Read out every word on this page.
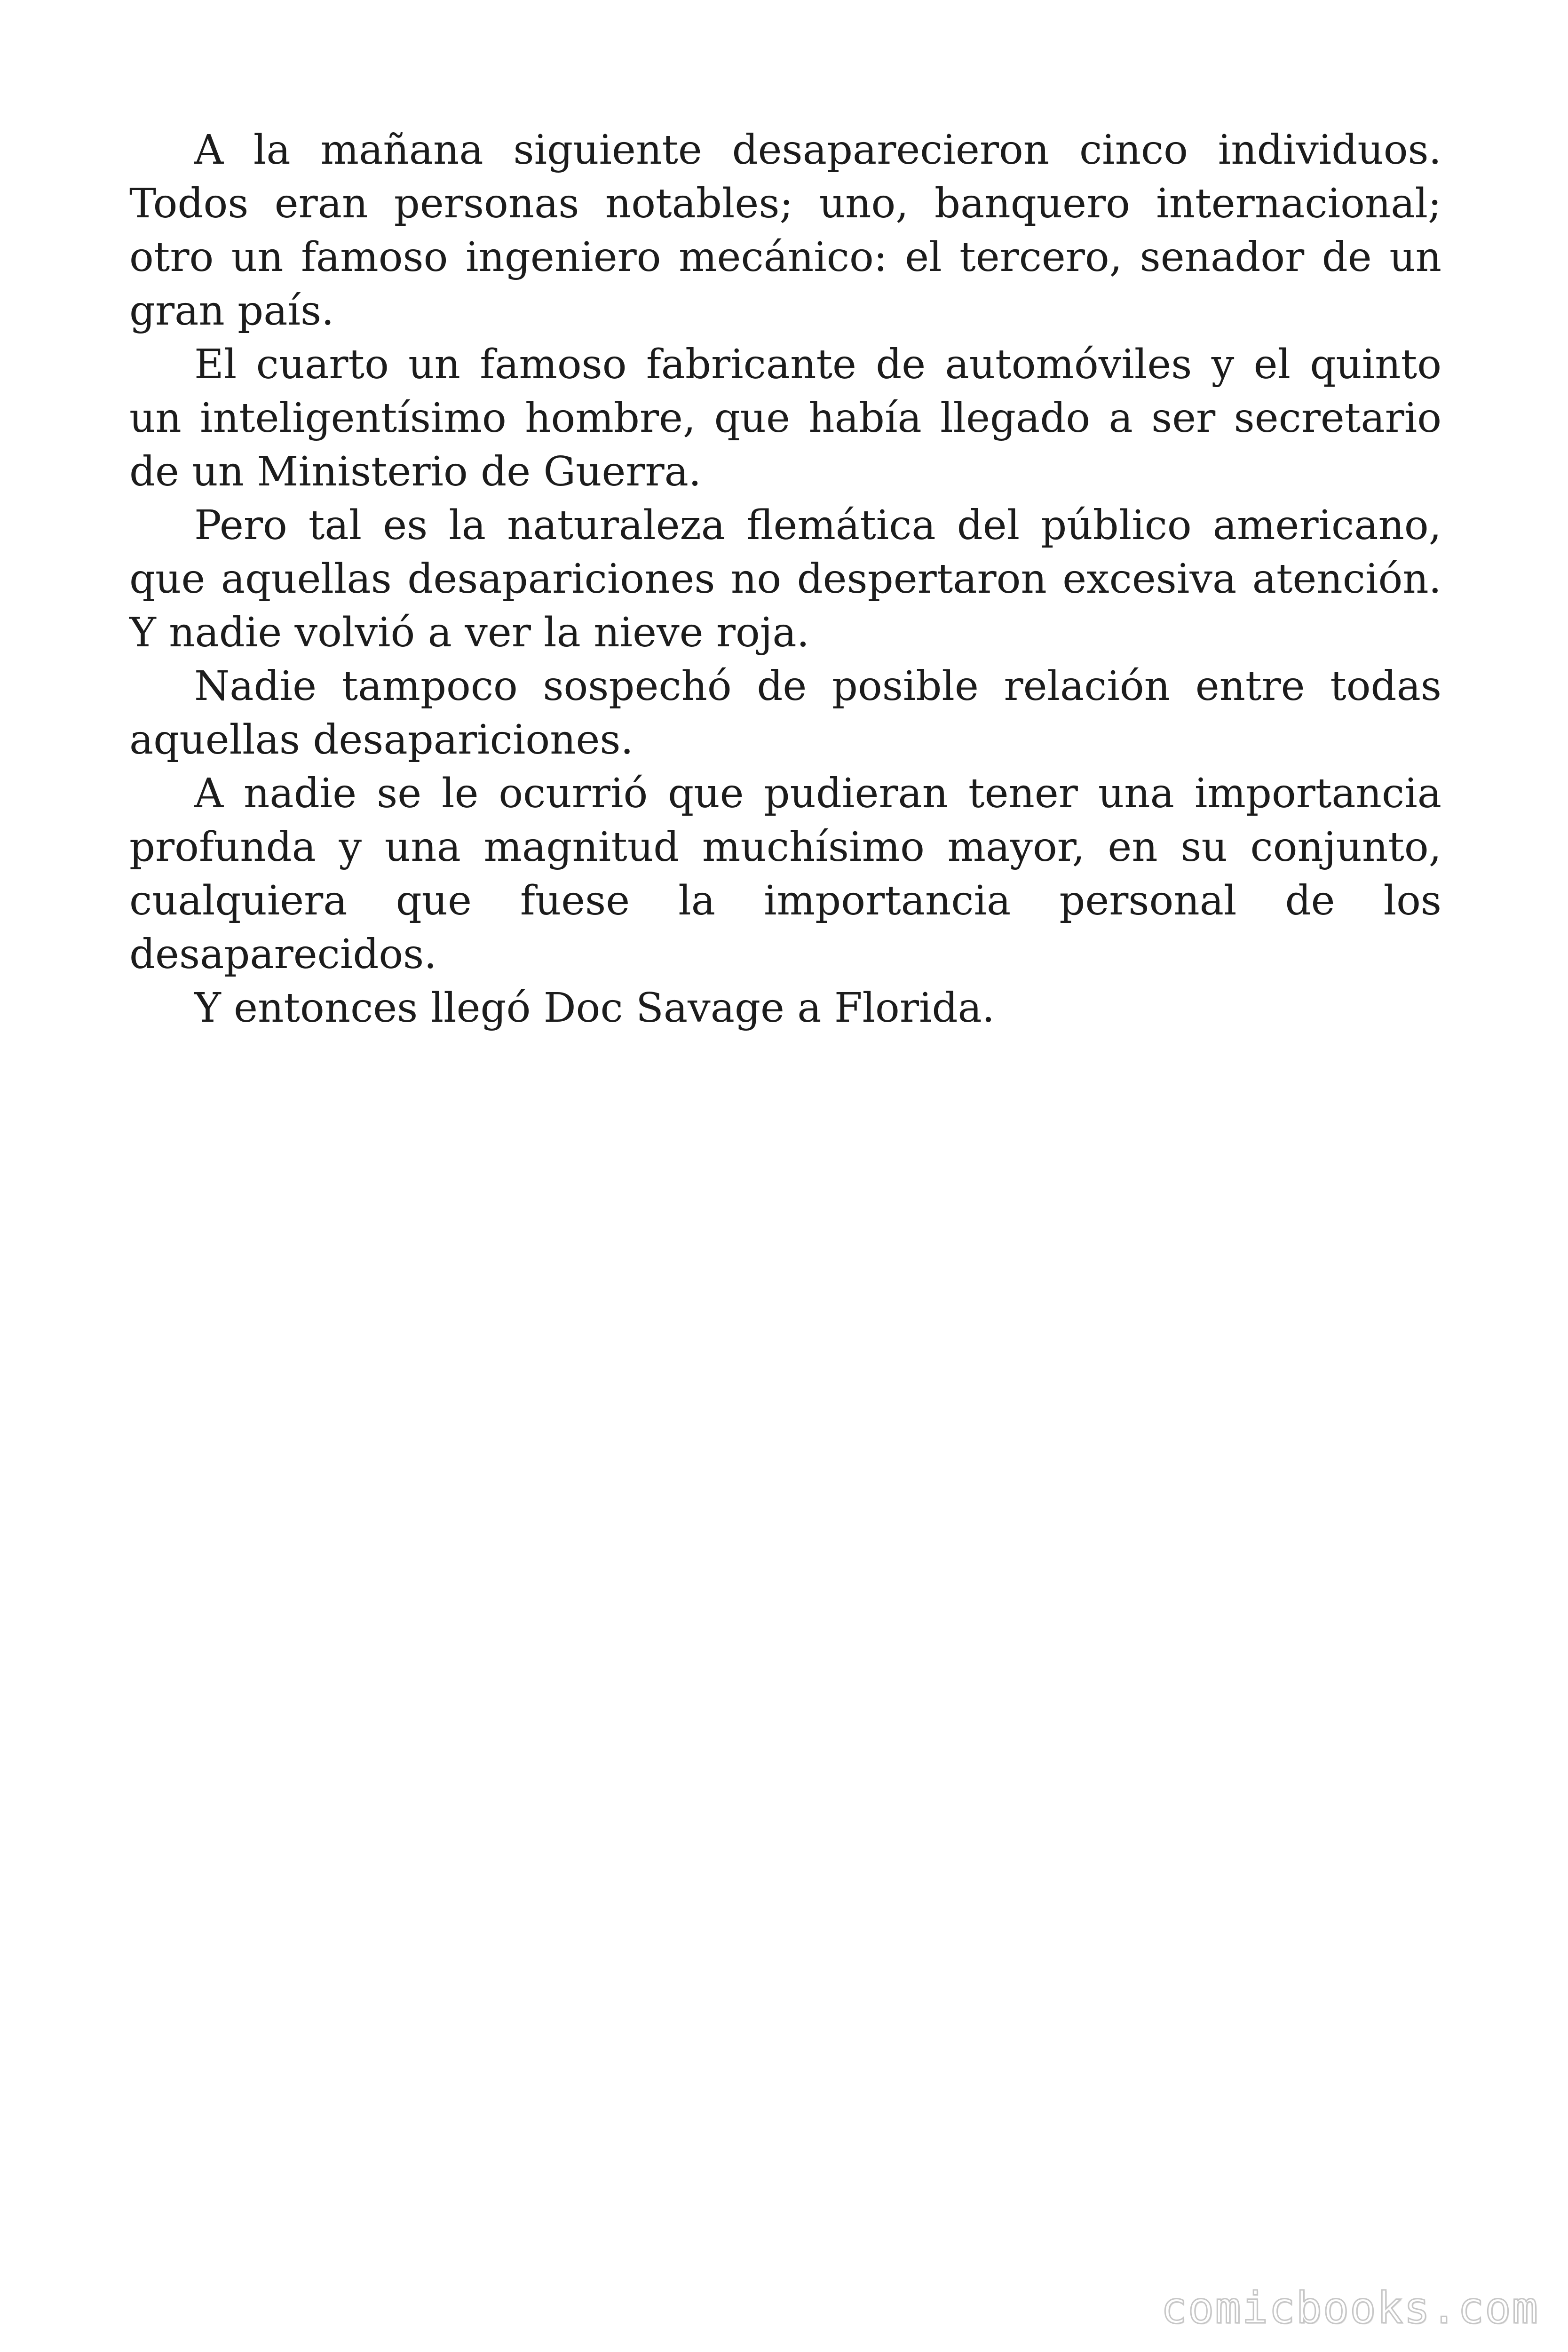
A la mañana siguiente desaparecieron cinco individuos. Todos eran personas notables; uno, banquero internacional; otro un famoso ingeniero mecánico: el tercero, senador de un gran país.

El cuarto un famoso fabricante de automóviles y el quinto un inteligentísimo hombre, que había llegado a ser secretario de un Ministerio de Guerra.

Pero tal es la naturaleza flemática del público americano, que aquellas desapariciones no despertaron excesiva atención. Y nadie volvió a ver la nieve roja.

Nadie tampoco sospechó de posible relación entre todas aquellas desapariciones.

A nadie se le ocurrió que pudieran tener una importancia profunda y una magnitud muchísimo mayor, en su conjunto, cualquiera que fuese la importancia personal de los desaparecidos.

Y entonces llegó Doc Savage a Florida.

comicbooks.com
